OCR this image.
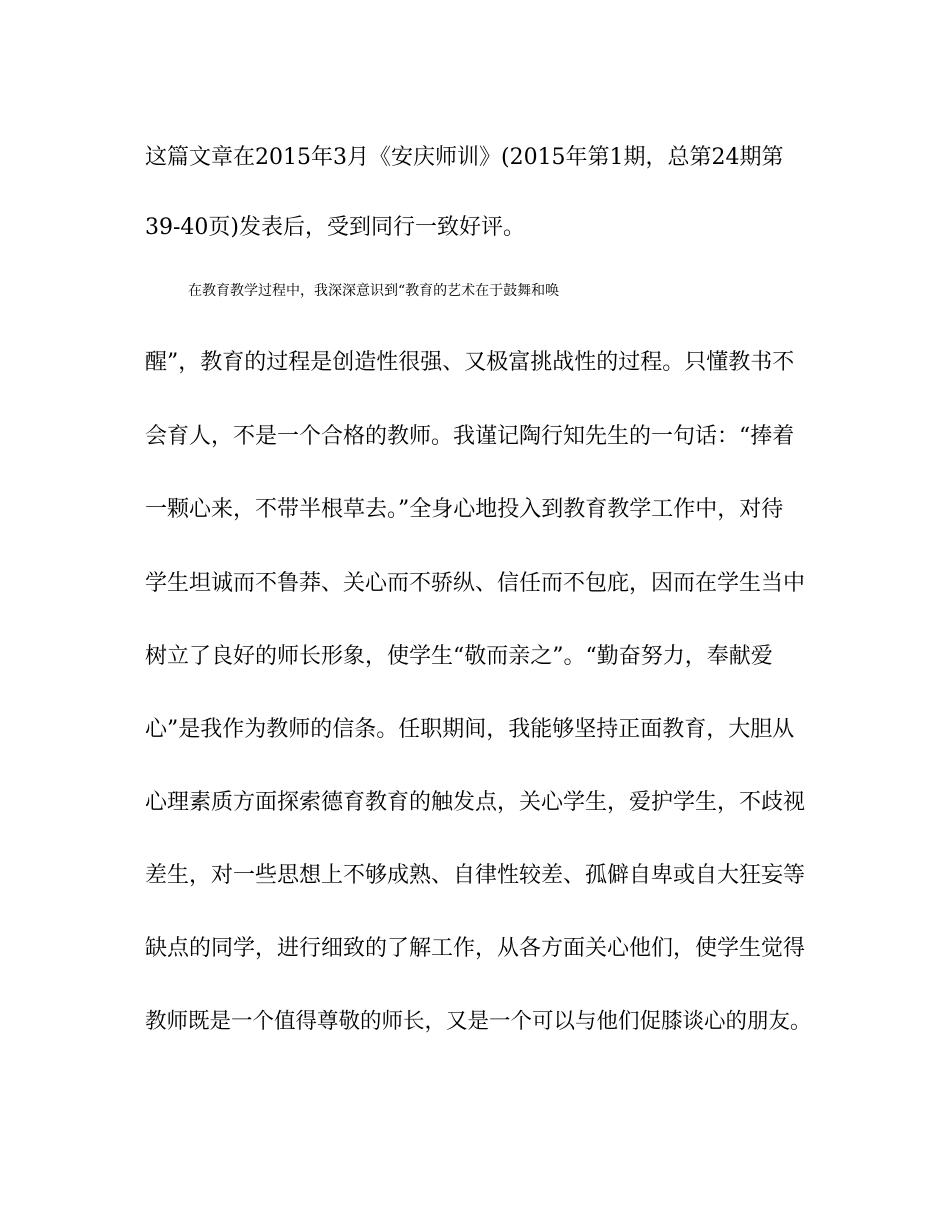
这篇文章在2015年3月《安庆师训》(2015年第1期，总第24期第
39-40页)发表后，受到同行一致好评。
在教育教学过程中，我深深意识到“教育的艺术在于鼓舞和唤
醒”，教育的过程是创造性很强、又极富挑战性的过程。只懂教书不
会育人，不是一个合格的教师。我谨记陶行知先生的一句话：“捧着
一颗心来，不带半根草去。”全身心地投入到教育教学工作中，对待
学生坦诚而不鲁莽、关心而不骄纵、信任而不包庇，因而在学生当中
树立了良好的师长形象，使学生“敬而亲之”。“勤奋努力，奉献爱
心”是我作为教师的信条。任职期间，我能够坚持正面教育，大胆从
心理素质方面探索德育教育的触发点，关心学生，爱护学生，不歧视
差生，对一些思想上不够成熟、自律性较差、孤僻自卑或自大狂妄等
缺点的同学，进行细致的了解工作，从各方面关心他们，使学生觉得
教师既是一个值得尊敬的师长，又是一个可以与他们促膝谈心的朋友。
